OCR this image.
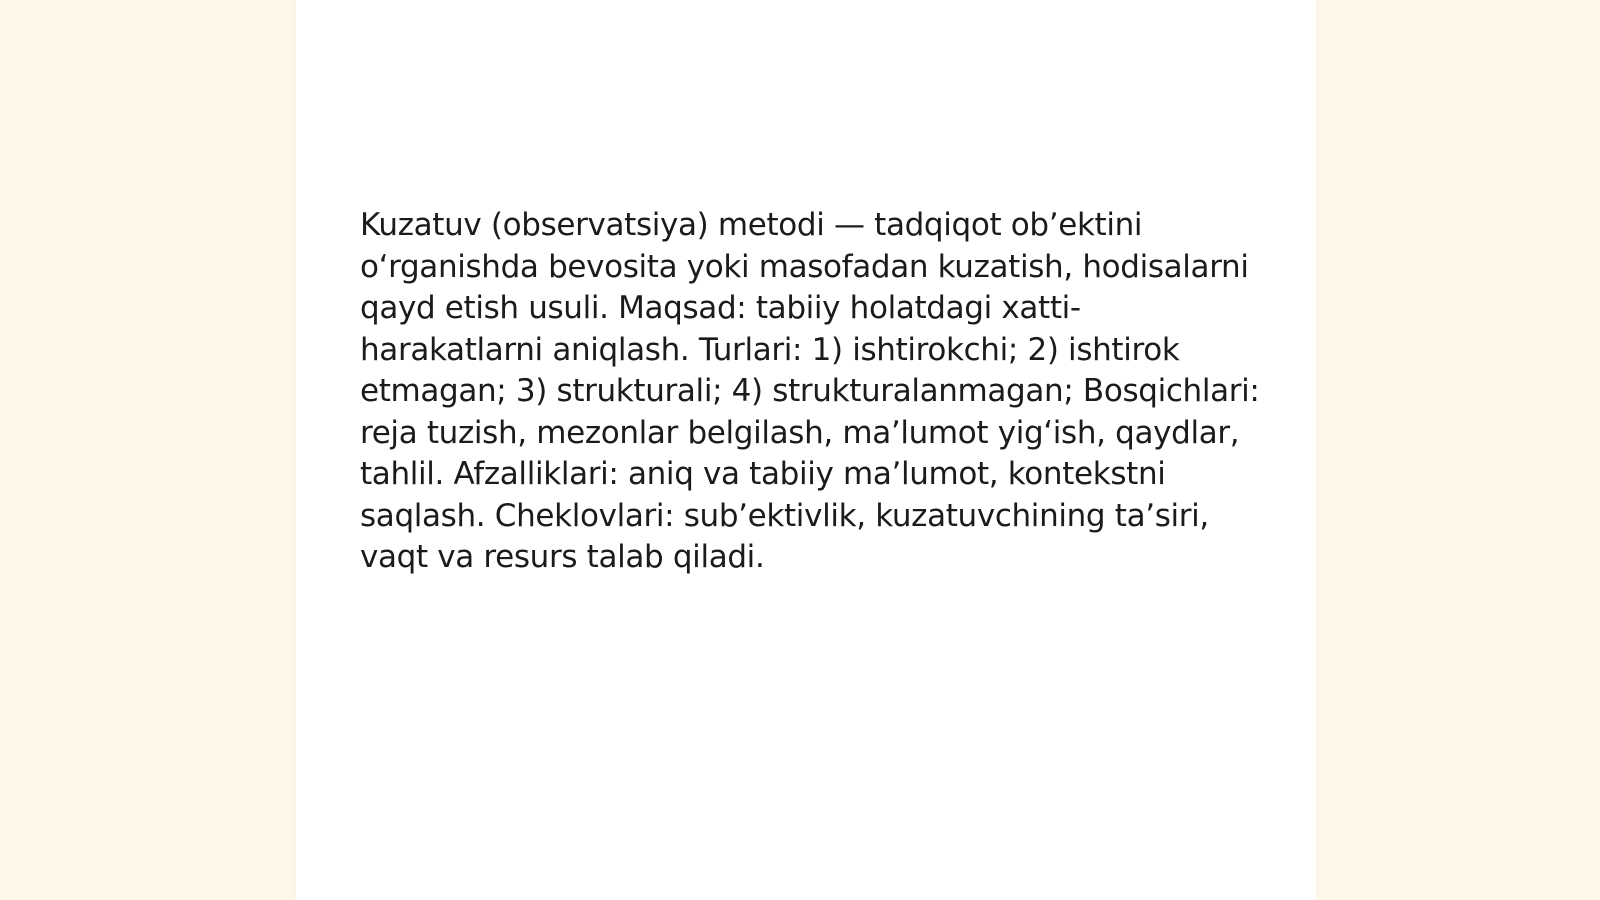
Kuzatuv (observatsiya) metodi — tadqiqot ob’ektini o‘rganishda bevosita yoki masofadan kuzatish, hodisalarni qayd etish usuli. Maqsad: tabiiy holatdagi xatti-harakatlarni aniqlash. Turlari: 1) ishtirokchi; 2) ishtirok etmagan; 3) strukturali; 4) strukturalanmagan; Bosqichlari: reja tuzish, mezonlar belgilash, ma’lumot yig‘ish, qaydlar, tahlil. Afzalliklari: aniq va tabiiy ma’lumot, kontekstni saqlash. Cheklovlari: sub’ektivlik, kuzatuvchining ta’siri, vaqt va resurs talab qiladi.
